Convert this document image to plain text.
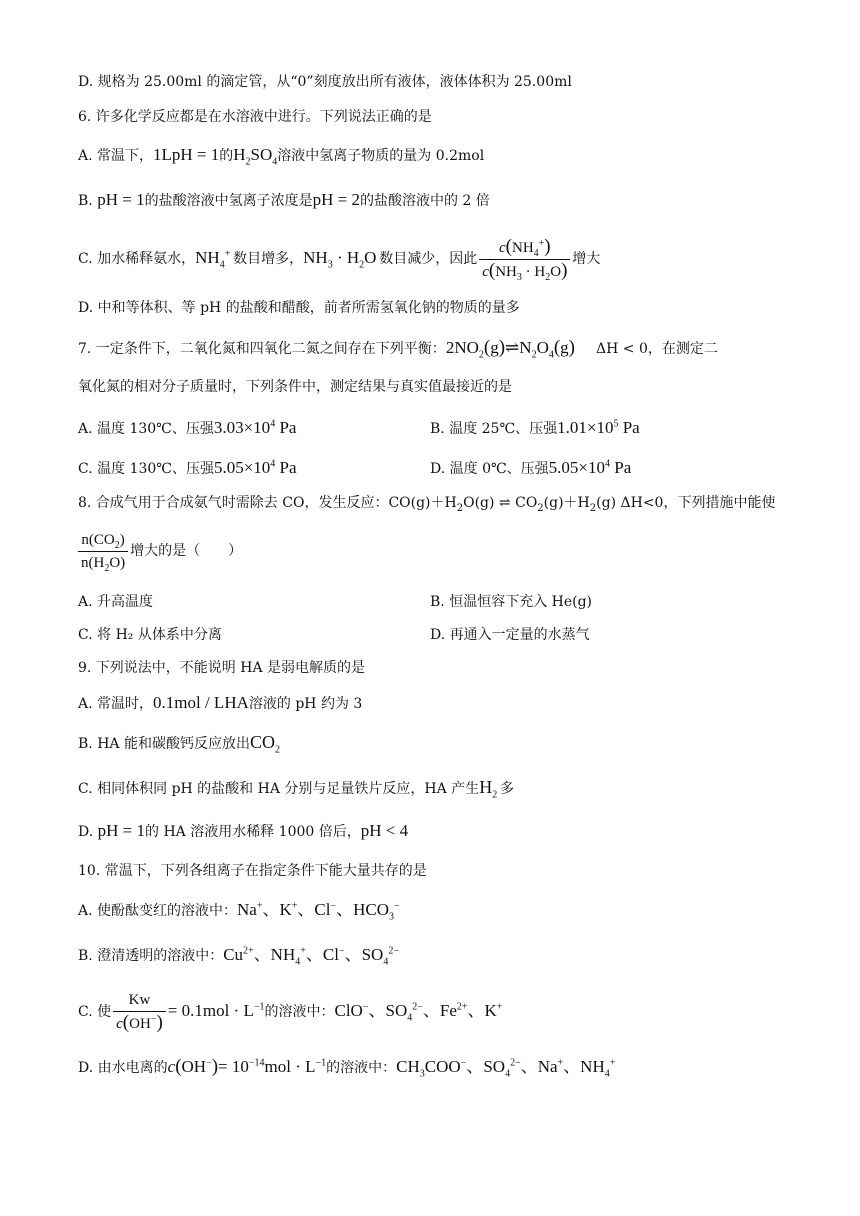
D. 规格为 25.00ml 的滴定管，从“0”刻度放出所有液体，液体体积为 25.00ml
6. 许多化学反应都是在水溶液中进行。下列说法正确的是
A. 常温下，1LpH = 1的$H_2SO_4$溶液中氢离子物质的量为 0.2mol
B. pH = 1的盐酸溶液中氢离子浓度是pH = 2的盐酸溶液中的 2 倍
C. 加水稀释氨水，$NH_4^+$  数目增多，$NH_3 \cdot H_2O$  数目减少，因此 $\frac{c(NH_4^+)}{c(NH_3 \cdot H_2O)}$ 增大
D. 中和等体积、等 pH 的盐酸和醋酸，前者所需氢氧化钠的物质的量多
7. 一定条件下，二氧化氮和四氧化二氮之间存在下列平衡：$2NO_2(g)\rightleftharpoons N_2O_4(g)$   ΔH < 0，在测定二
氧化氮的相对分子质量时，下列条件中，测定结果与真实值最接近的是
A. 温度 130℃、压强$3.03\times 10^4$ Pa	B. 温度 25℃、压强$1.01\times 10^5$ Pa
C. 温度 130℃、压强$5.05\times 10^4$ Pa	D. 温度 0℃、压强$5.05\times 10^4$ Pa
8. 合成气用于合成氨气时需除去 CO，发生反应：$CO(g)+H_2O(g)$ ⇌ $CO_2(g)+H_2(g)$ ΔH<0，下列措施中能使
$\frac{n(CO_2)}{n(H_2O)}$ 增大的是（　　）
A. 升高温度	B. 恒温恒容下充入 He(g)
C. 将 H₂ 从体系中分离	D. 再通入一定量的水蒸气
9. 下列说法中，不能说明 HA 是弱电解质的是
A. 常温时，0.1mol / LHA溶液的 pH 约为 3
B. HA 能和碳酸钙反应放出$CO_2$
C. 相同体积同 pH 的盐酸和 HA 分别与足量铁片反应，HA 产生$H_2$  多
D. pH = 1的 HA 溶液用水稀释 1000 倍后，pH < 4
10. 常温下，下列各组离子在指定条件下能大量共存的是
A. 使酚酞变红的溶液中：Na+、K+、Cl−、$HCO_3^-$
B. 澄清透明的溶液中：$Cu^{2+}$、$NH_4^+$、Cl−、$SO_4^{2-}$
C. 使 $\frac{Kw}{c(OH^-)} = 0.1mol \cdot L^{-1}$的溶液中：ClO−、$SO_4^{2-}$、$Fe^{2+}$、K+
D. 由水电离的$c(OH^-)= 10^{-14}mol \cdot L^{-1}$的溶液中：$CH_3COO^-$、$SO_4^{2-}$、Na+、$NH_4^+$
